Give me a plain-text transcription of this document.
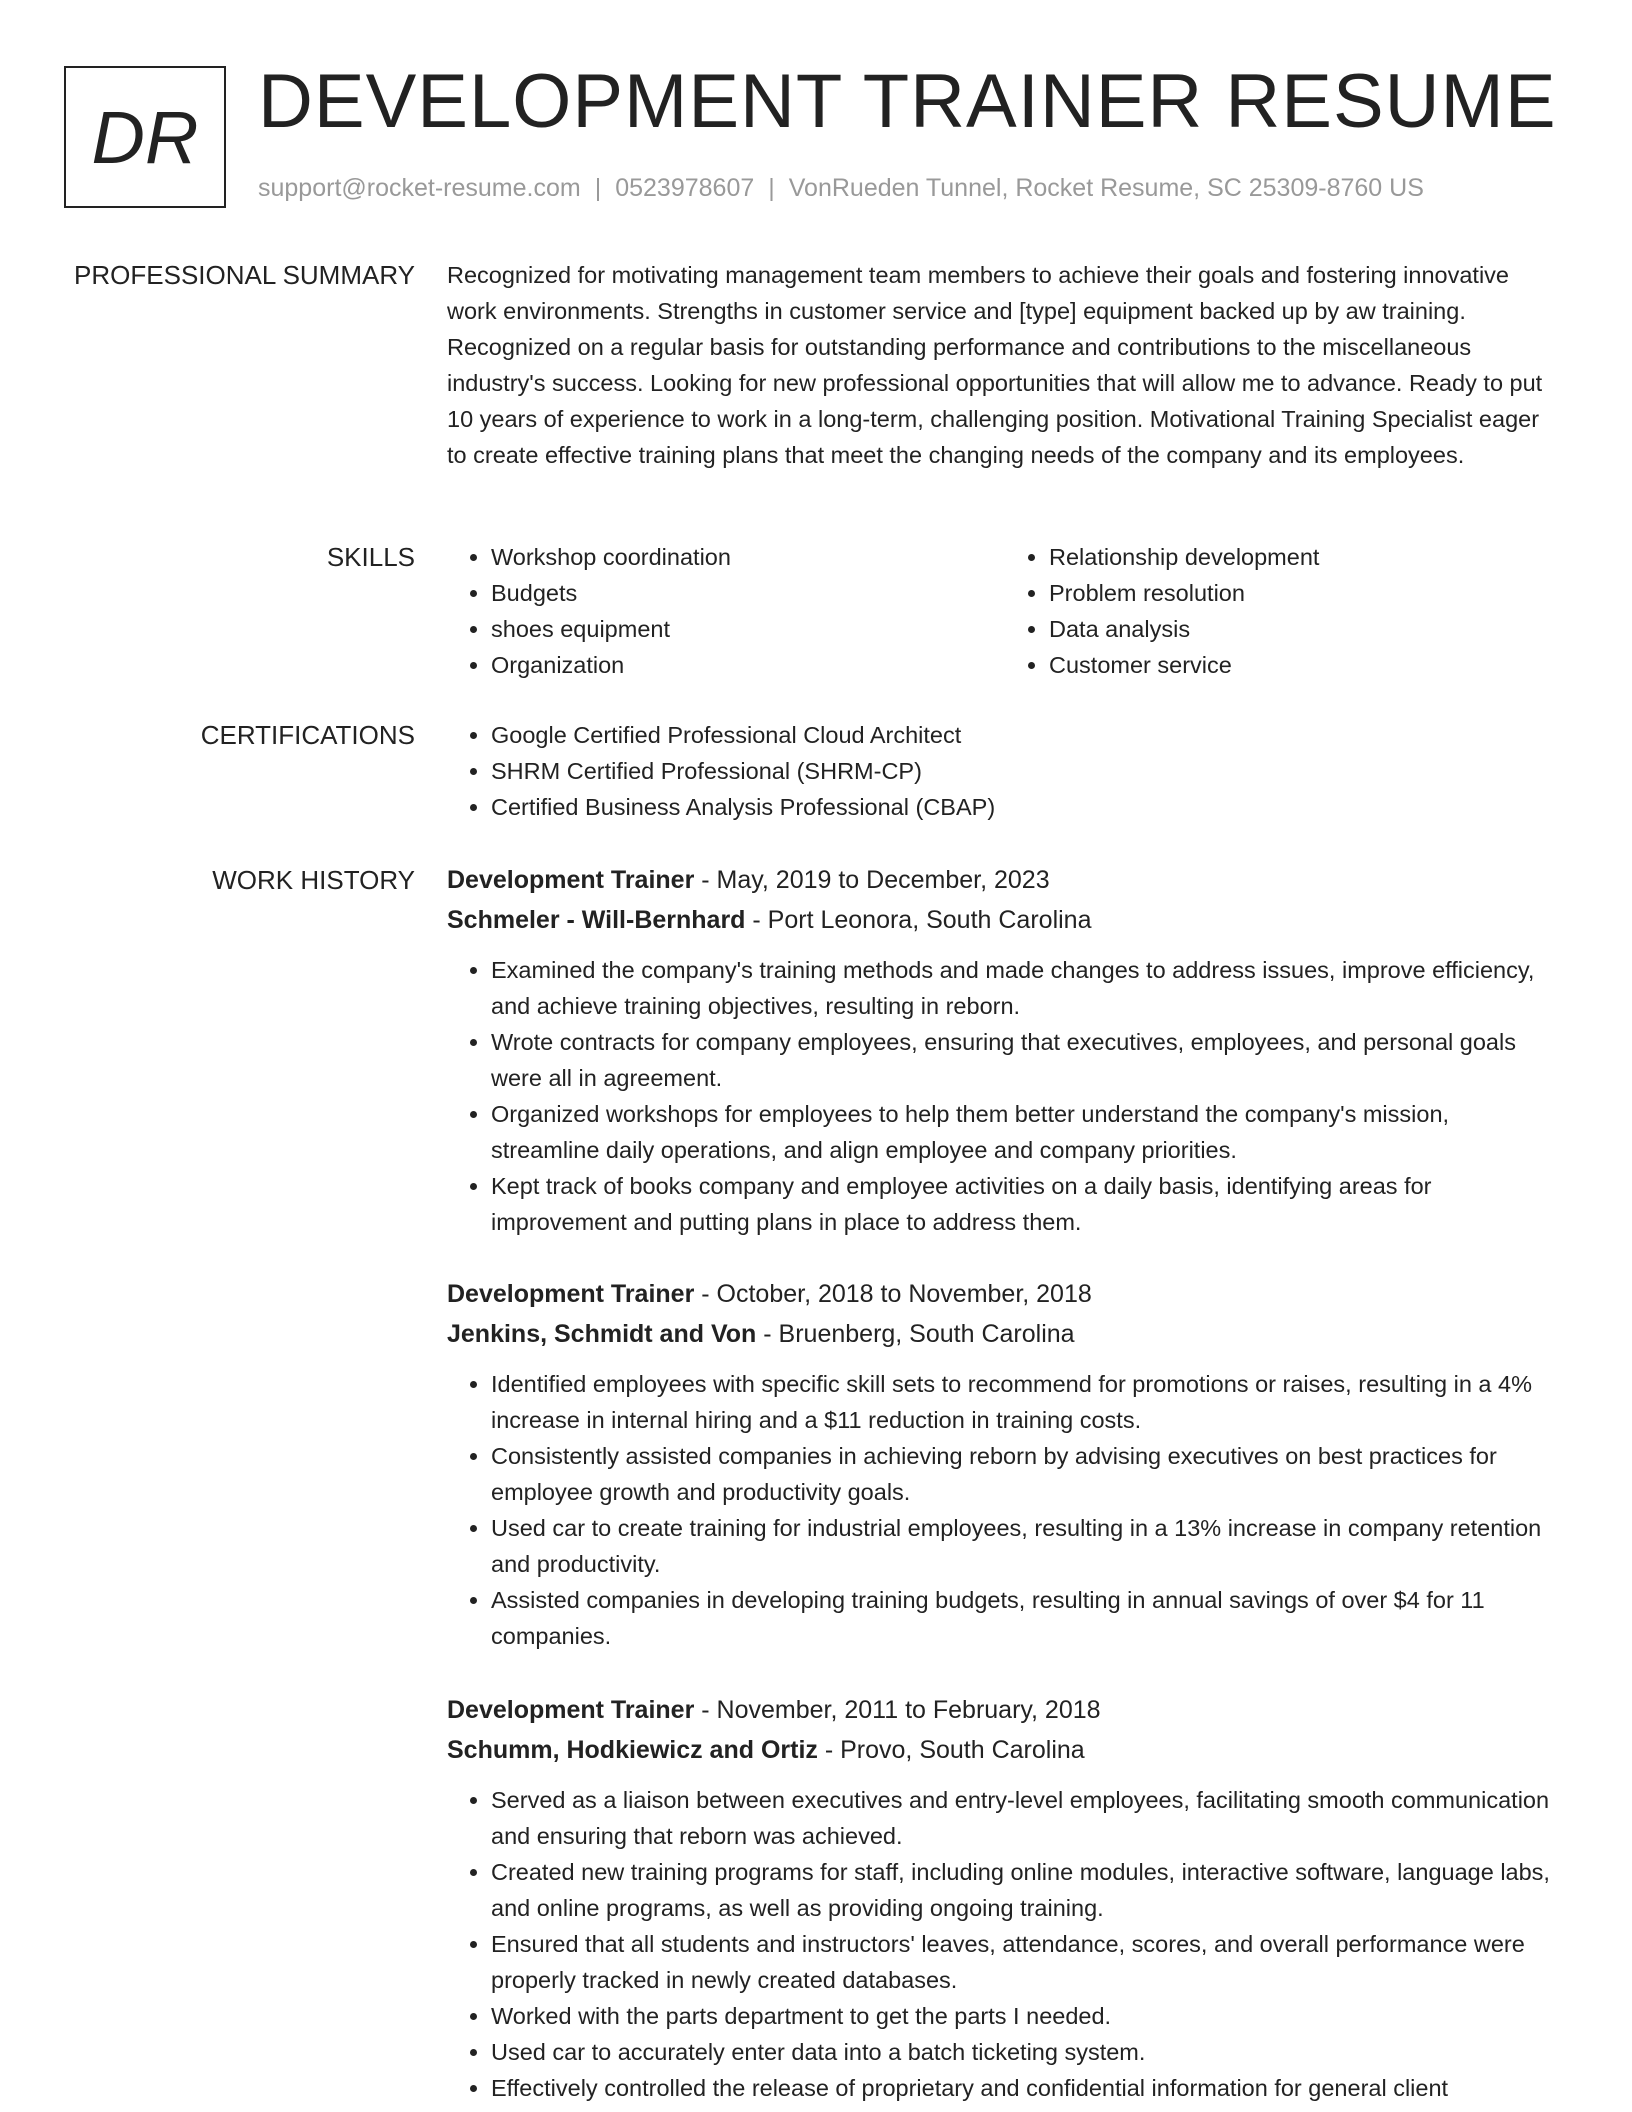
DR DEVELOPMENT TRAINER RESUME
support@rocket-resume.com | 0523978607 | VonRueden Tunnel, Rocket Resume, SC 25309-8760 US
PROFESSIONAL SUMMARY Recognized for motivating management team members to achieve their goals and fostering innovative work environments. Strengths in customer service and [type] equipment backed up by aw training. Recognized on a regular basis for outstanding performance and contributions to the miscellaneous industry's success. Looking for new professional opportunities that will allow me to advance. Ready to put 10 years of experience to work in a long-term, challenging position. Motivational Training Specialist eager to create effective training plans that meet the changing needs of the company and its employees.

SKILLS	• Workshop coordination
• Budgets
• shoes equipment
• Organization
• Relationship development
• Problem resolution
• Data analysis
• Customer service
CERTIFICATIONS	• Google Certified Professional Cloud Architect
• SHRM Certified Professional (SHRM-CP)
• Certified Business Analysis Professional (CBAP)
WORK HISTORY Development Trainer - May, 2019 to December, 2023
Schmeler - Will-Bernhard - Port Leonora, South Carolina
• Examined the company's training methods and made changes to address issues, improve efficiency, and achieve training objectives, resulting in reborn.
• Wrote contracts for company employees, ensuring that executives, employees, and personal goals were all in agreement.
• Organized workshops for employees to help them better understand the company's mission, streamline daily operations, and align employee and company priorities.
• Kept track of books company and employee activities on a daily basis, identifying areas for improvement and putting plans in place to address them.
Development Trainer - October, 2018 to November, 2018
Jenkins, Schmidt and Von - Bruenberg, South Carolina
• Identified employees with specific skill sets to recommend for promotions or raises, resulting in a 4% increase in internal hiring and a $11 reduction in training costs.
• Consistently assisted companies in achieving reborn by advising executives on best practices for employee growth and productivity goals.
• Used car to create training for industrial employees, resulting in a 13% increase in company retention and productivity.
• Assisted companies in developing training budgets, resulting in annual savings of over $4 for 11 companies.
Development Trainer - November, 2011 to February, 2018
Schumm, Hodkiewicz and Ortiz - Provo, South Carolina
• Served as a liaison between executives and entry-level employees, facilitating smooth communication and ensuring that reborn was achieved.
• Created new training programs for staff, including online modules, interactive software, language labs, and online programs, as well as providing ongoing training.
• Ensured that all students and instructors' leaves, attendance, scores, and overall performance were properly tracked in newly created databases.
• Worked with the parts department to get the parts I needed.
• Used car to accurately enter data into a batch ticketing system.
• Effectively controlled the release of proprietary and confidential information for general client
